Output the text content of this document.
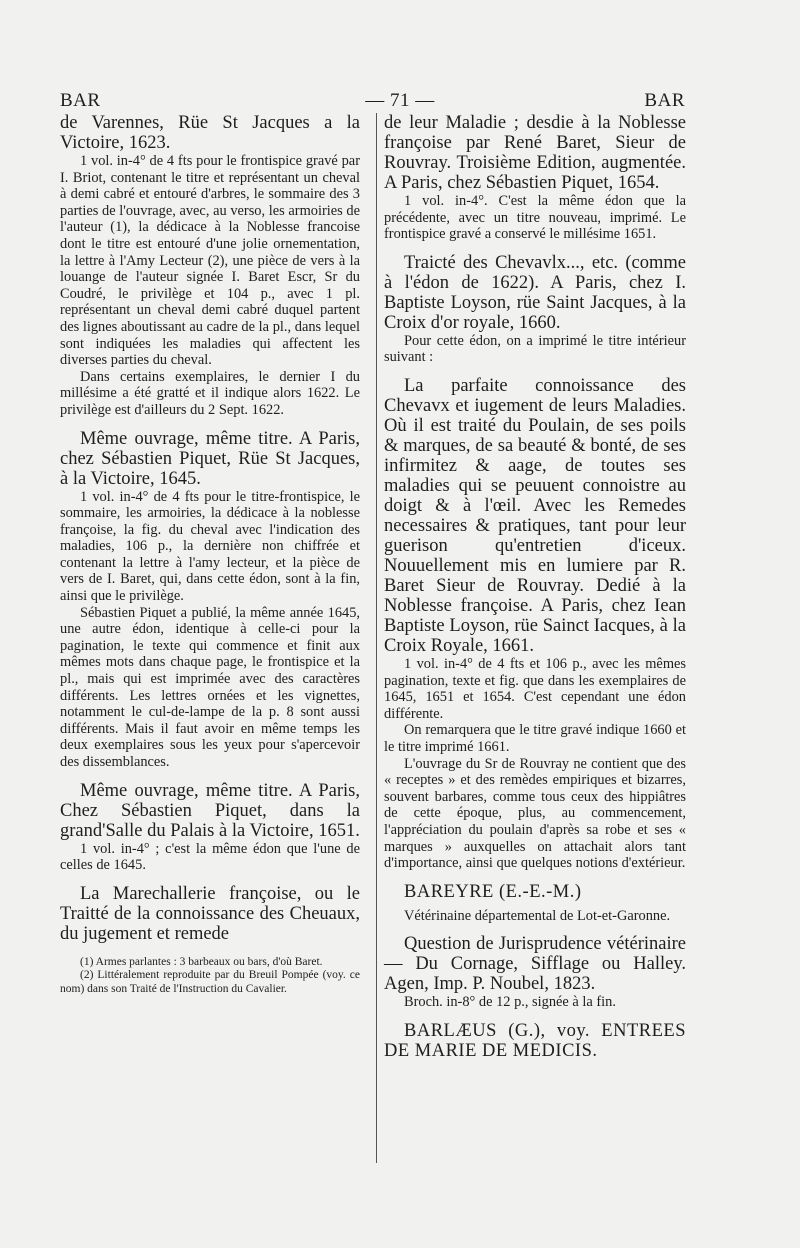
BAR	— 71 —	BAR

de Varennes, Rüe St Jacques a la Victoire, 1623.

1 vol. in-4° de 4 fts pour le frontispice gravé par I. Briot, contenant le titre et représentant un cheval à demi cabré et entouré d'arbres, le sommaire des 3 parties de l'ouvrage, avec, au verso, les armoiries de l'auteur (1), la dédicace à la Noblesse francoise dont le titre est entouré d'une jolie ornementation, la lettre à l'Amy Lecteur (2), une pièce de vers à la louange de l'auteur signée I. Baret Escr, Sr du Coudré, le privilège et 104 p., avec 1 pl. représentant un cheval demi cabré duquel partent des lignes aboutissant au cadre de la pl., dans lequel sont indiquées les maladies qui affectent les diverses parties du cheval.

Dans certains exemplaires, le dernier I du millésime a été gratté et il indique alors 1622. Le privilège est d'ailleurs du 2 Sept. 1622.

Même ouvrage, même titre. A Paris, chez Sébastien Piquet, Rüe St Jacques, à la Victoire, 1645.

1 vol. in-4° de 4 fts pour le titre-frontispice, le sommaire, les armoiries, la dédicace à la noblesse françoise, la fig. du cheval avec l'indication des maladies, 106 p., la dernière non chiffrée et contenant la lettre à l'amy lecteur, et la pièce de vers de I. Baret, qui, dans cette édon, sont à la fin, ainsi que le privilège.

Sébastien Piquet a publié, la même année 1645, une autre édon, identique à celle-ci pour la pagination, le texte qui commence et finit aux mêmes mots dans chaque page, le frontispice et la pl., mais qui est imprimée avec des caractères différents. Les lettres ornées et les vignettes, notamment le cul-de-lampe de la p. 8 sont aussi différents. Mais il faut avoir en même temps les deux exemplaires sous les yeux pour s'apercevoir des dissemblances.

Même ouvrage, même titre. A Paris, Chez Sébastien Piquet, dans la grand'Salle du Palais à la Victoire, 1651.

1 vol. in-4° ; c'est la même édon que l'une de celles de 1645.

La Marechallerie françoise, ou le Traitté de la connoissance des Cheuaux, du jugement et remede

(1) Armes parlantes : 3 barbeaux ou bars, d'où Baret.

(2) Littéralement reproduite par du Breuil Pompée (voy. ce nom) dans son Traité de l'Instruction du Cavalier.

de leur Maladie ; desdie à la Noblesse françoise par René Baret, Sieur de Rouvray. Troisième Edition, augmentée. A Paris, chez Sébastien Piquet, 1654.

1 vol. in-4°. C'est la même édon que la précédente, avec un titre nouveau, imprimé. Le frontispice gravé a conservé le millésime 1651.

Traicté des Chevavlx..., etc. (comme à l'édon de 1622). A Paris, chez I. Baptiste Loyson, rüe Saint Jacques, à la Croix d'or royale, 1660.

Pour cette édon, on a imprimé le titre intérieur suivant :

La parfaite connoissance des Chevavx et iugement de leurs Maladies. Où il est traité du Poulain, de ses poils & marques, de sa beauté & bonté, de ses infirmitez & aage, de toutes ses maladies qui se peuuent connoistre au doigt & à l'œil. Avec les Remedes necessaires & pratiques, tant pour leur guerison qu'entretien d'iceux. Nouuellement mis en lumiere par R. Baret Sieur de Rouvray. Dedié à la Noblesse françoise. A Paris, chez Iean Baptiste Loyson, rüe Sainct Iacques, à la Croix Royale, 1661.

1 vol. in-4° de 4 fts et 106 p., avec les mêmes pagination, texte et fig. que dans les exemplaires de 1645, 1651 et 1654. C'est cependant une édon différente.

On remarquera que le titre gravé indique 1660 et le titre imprimé 1661.

L'ouvrage du Sr de Rouvray ne contient que des « receptes » et des remèdes empiriques et bizarres, souvent barbares, comme tous ceux des hippiâtres de cette époque, plus, au commencement, l'appréciation du poulain d'après sa robe et ses « marques » auxquelles on attachait alors tant d'importance, ainsi que quelques notions d'extérieur.

BAREYRE (E.-E.-M.)

Vétérinaine départemental de Lot-et-Garonne.

Question de Jurisprudence vétérinaire — Du Cornage, Sifflage ou Halley. Agen, Imp. P. Noubel, 1823.

Broch. in-8° de 12 p., signée à la fin.

BARLÆUS (G.), voy. ENTREES DE MARIE DE MEDICIS.
